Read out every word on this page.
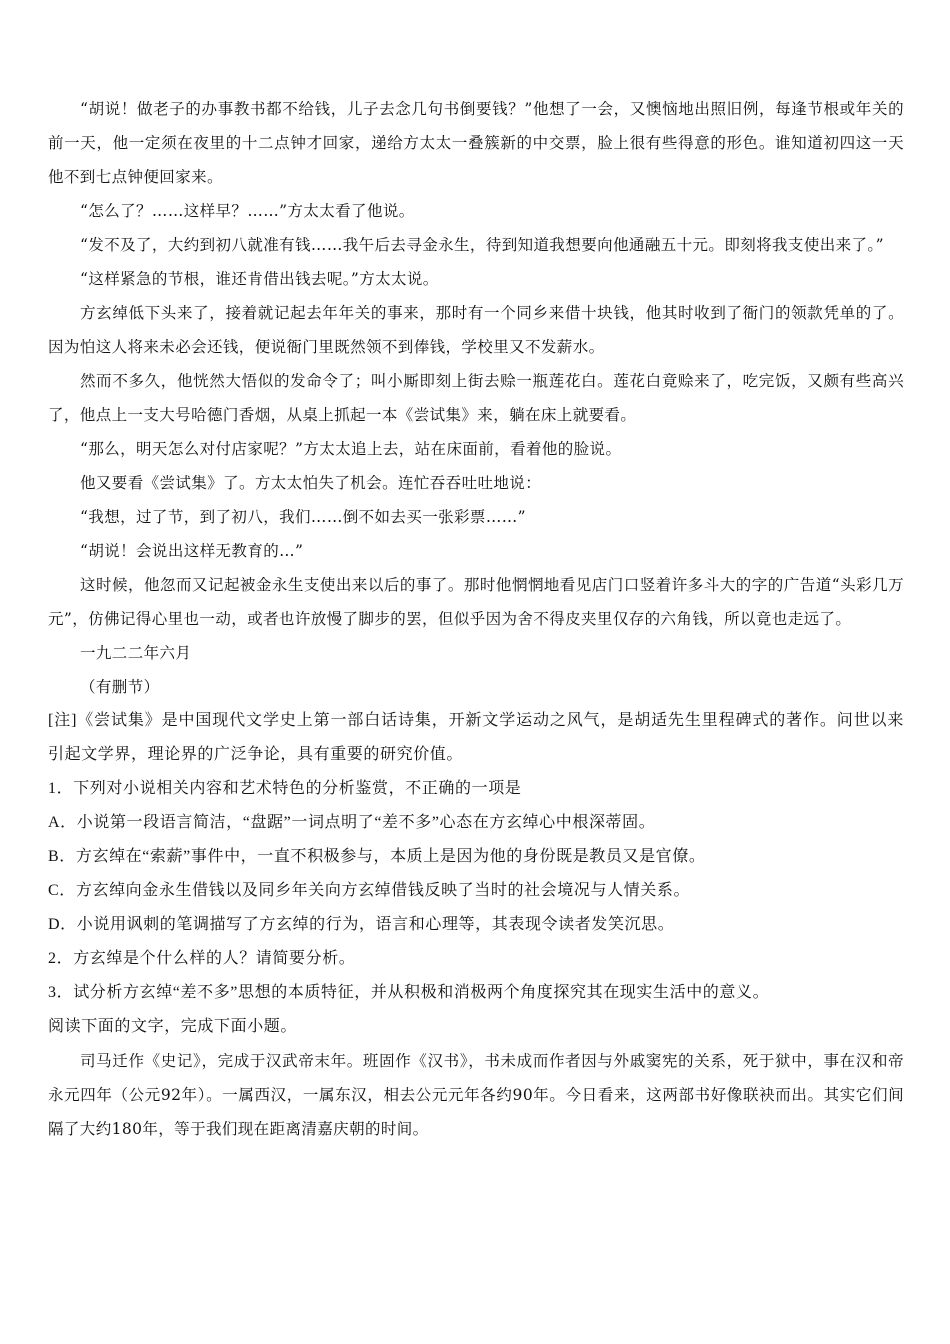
“胡说！做老子的办事教书都不给钱，儿子去念几句书倒要钱？”他想了一会，又懊恼地出照旧例，每逢节根或年关的前一天，他一定须在夜里的十二点钟才回家，递给方太太一叠簇新的中交票，脸上很有些得意的形色。谁知道初四这一天他不到七点钟便回家来。

“怎么了？……这样早？……”方太太看了他说。

“发不及了，大约到初八就准有钱……我午后去寻金永生，待到知道我想要向他通融五十元。即刻将我支使出来了。”

“这样紧急的节根，谁还肯借出钱去呢。”方太太说。

方玄绰低下头来了，接着就记起去年年关的事来，那时有一个同乡来借十块钱，他其时收到了衙门的领款凭单的了。因为怕这人将来未必会还钱，便说衙门里既然领不到俸钱，学校里又不发薪水。

然而不多久，他恍然大悟似的发命令了；叫小厮即刻上街去赊一瓶莲花白。莲花白竟赊来了，吃完饭，又颇有些高兴了，他点上一支大号哈德门香烟，从桌上抓起一本《尝试集》来，躺在床上就要看。

“那么，明天怎么对付店家呢？”方太太追上去，站在床面前，看着他的脸说。

他又要看《尝试集》了。方太太怕失了机会。连忙吞吞吐吐地说：

“我想，过了节，到了初八，我们……倒不如去买一张彩票……”

“胡说！会说出这样无教育的…”

这时候，他忽而又记起被金永生支使出来以后的事了。那时他惘惘地看见店门口竖着许多斗大的字的广告道“头彩几万元”，仿佛记得心里也一动，或者也许放慢了脚步的罢，但似乎因为舍不得皮夹里仅存的六角钱，所以竟也走远了。

一九二二年六月

（有删节）

[注]《尝试集》是中国现代文学史上第一部白话诗集，开新文学运动之风气，是胡适先生里程碑式的著作。问世以来引起文学界，理论界的广泛争论，具有重要的研究价值。

1．下列对小说相关内容和艺术特色的分析鉴赏，不正确的一项是

A．小说第一段语言简洁，“盘踞”一词点明了“差不多”心态在方玄绰心中根深蒂固。

B．方玄绰在“索薪”事件中，一直不积极参与，本质上是因为他的身份既是教员又是官僚。

C．方玄绰向金永生借钱以及同乡年关向方玄绰借钱反映了当时的社会境况与人情关系。

D．小说用讽刺的笔调描写了方玄绰的行为，语言和心理等，其表现令读者发笑沉思。

2．方玄绰是个什么样的人？请简要分析。

3．试分析方玄绰“差不多”思想的本质特征，并从积极和消极两个角度探究其在现实生活中的意义。

阅读下面的文字，完成下面小题。

司马迁作《史记》，完成于汉武帝末年。班固作《汉书》，书未成而作者因与外戚窦宪的关系，死于狱中，事在汉和帝永元四年（公元92年）。一属西汉，一属东汉，相去公元元年各约90年。今日看来，这两部书好像联袂而出。其实它们间隔了大约180年，等于我们现在距离清嘉庆朝的时间。
